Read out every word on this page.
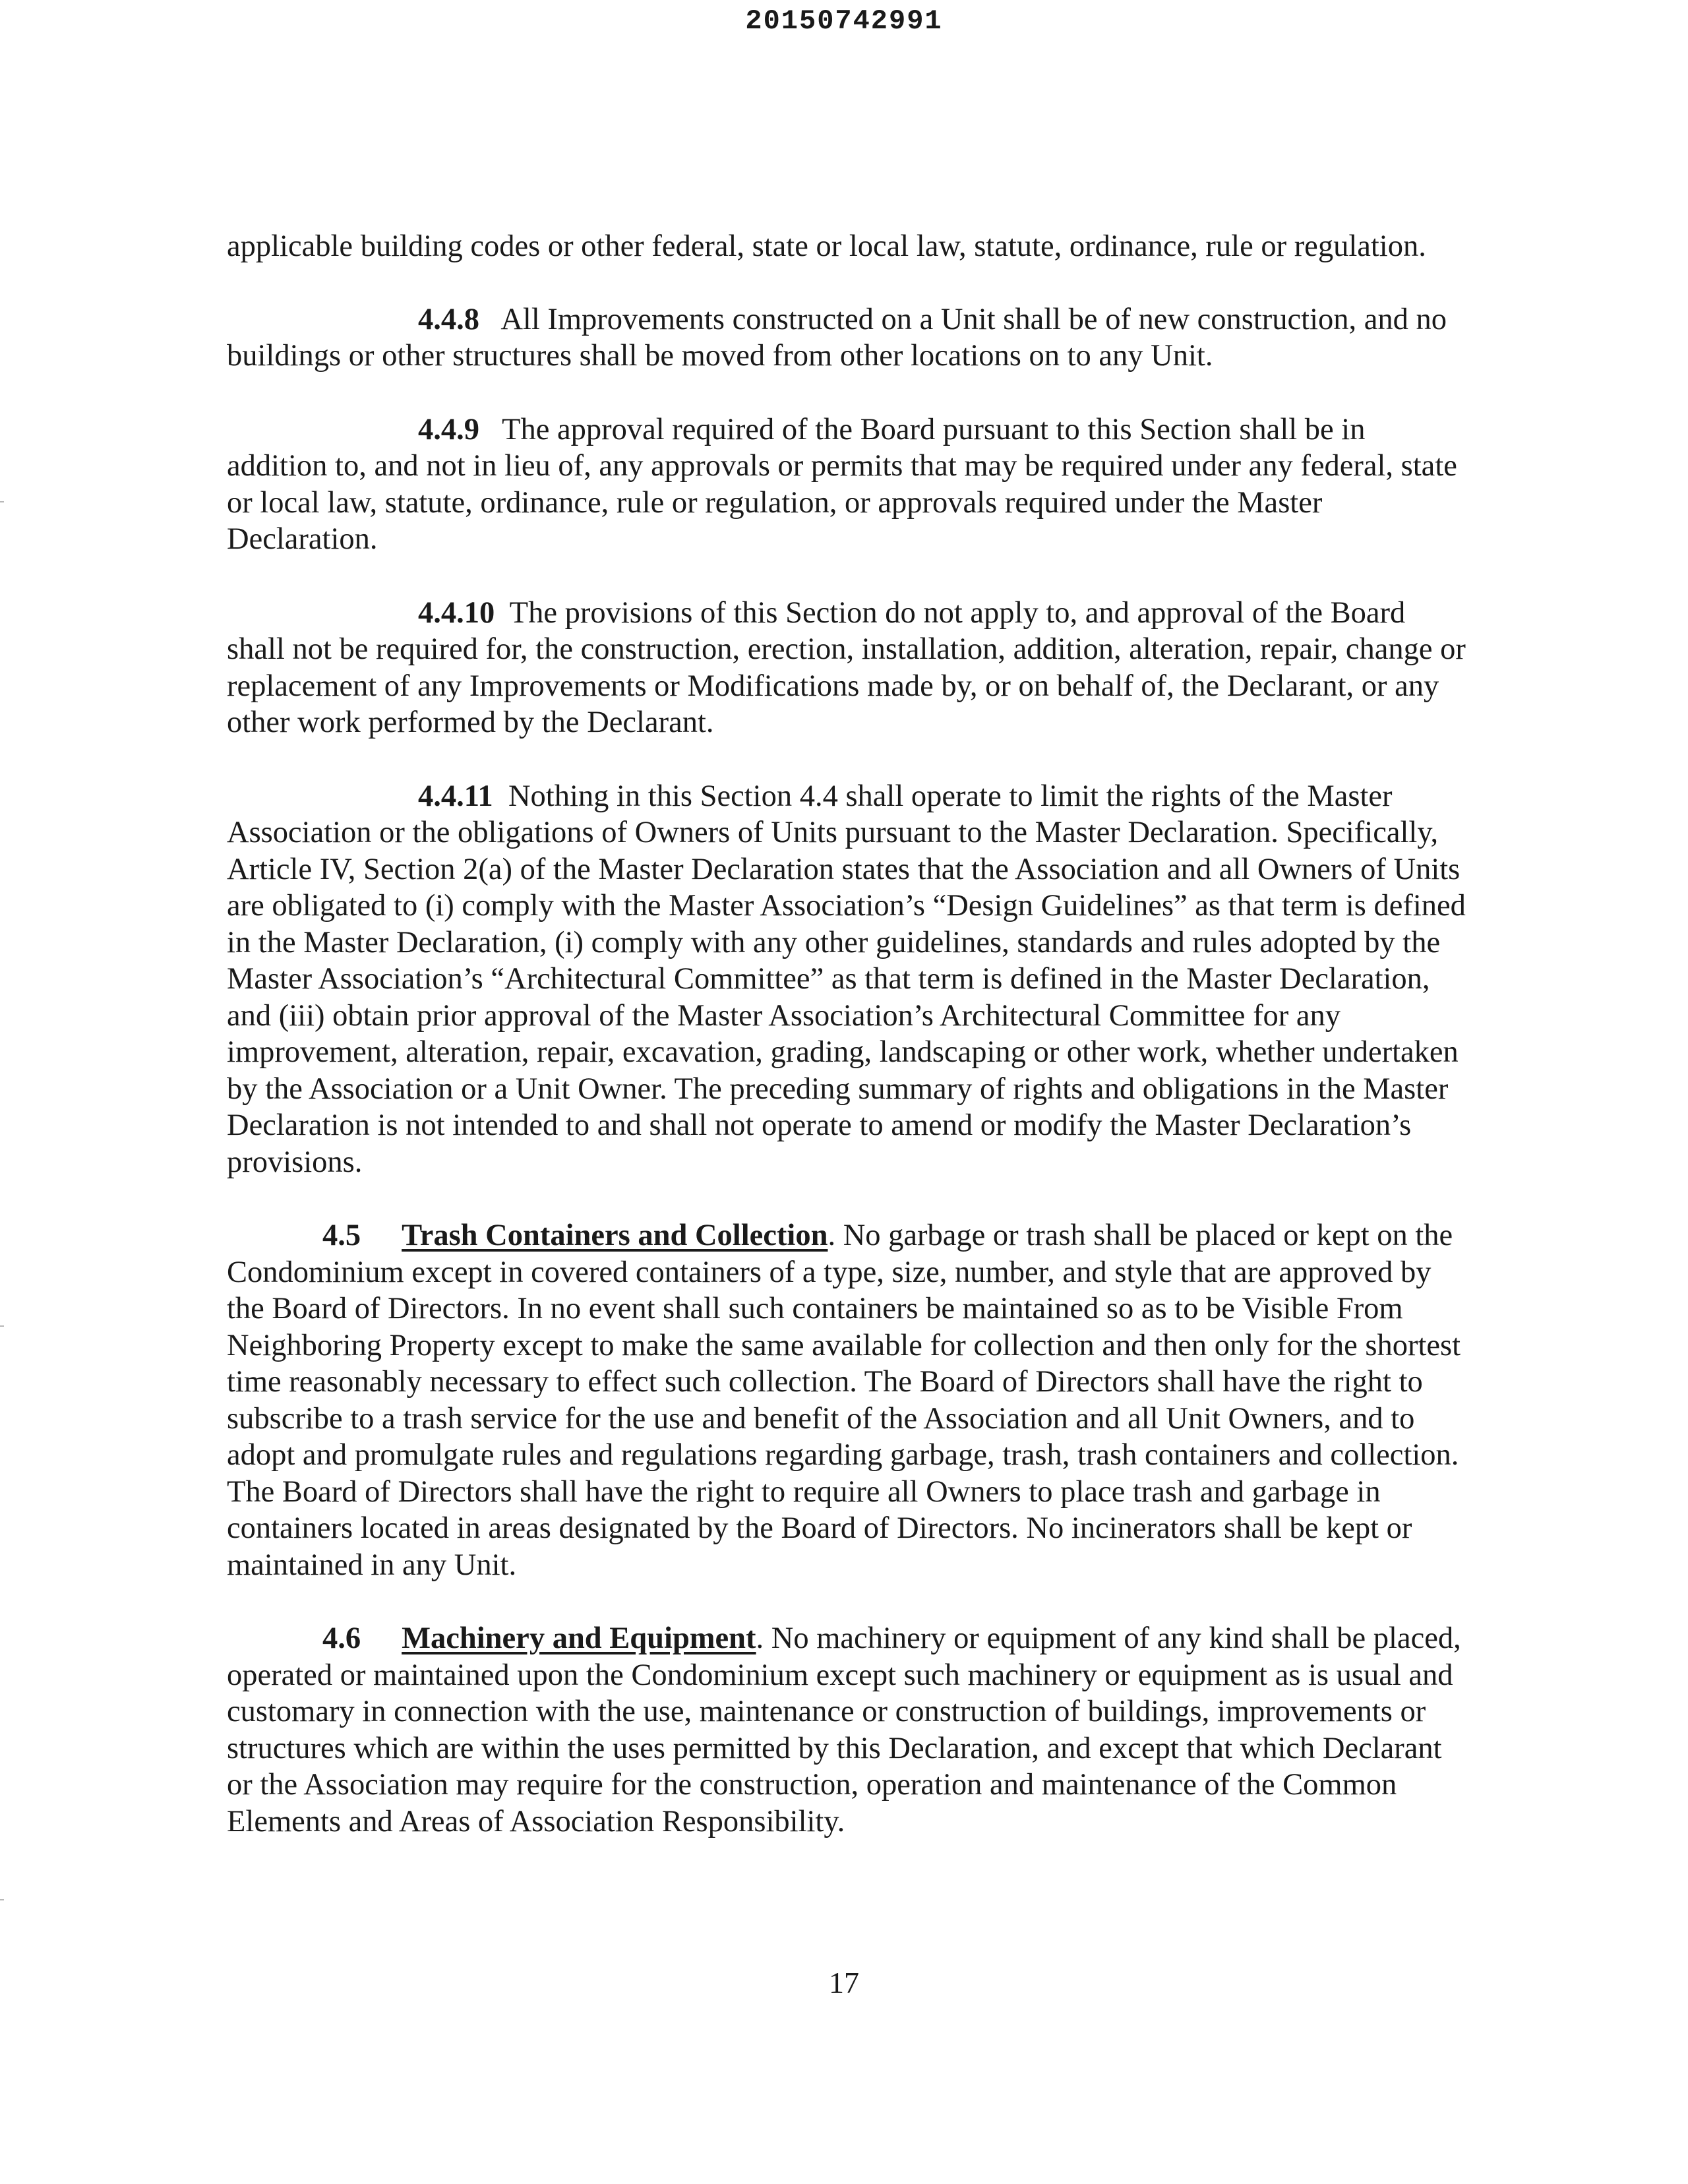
20150742991

applicable building codes or other federal, state or local law, statute, ordinance, rule or regulation.

4.4.8 All Improvements constructed on a Unit shall be of new construction, and no buildings or other structures shall be moved from other locations on to any Unit.

4.4.9 The approval required of the Board pursuant to this Section shall be in addition to, and not in lieu of, any approvals or permits that may be required under any federal, state or local law, statute, ordinance, rule or regulation, or approvals required under the Master Declaration.

4.4.10 The provisions of this Section do not apply to, and approval of the Board shall not be required for, the construction, erection, installation, addition, alteration, repair, change or replacement of any Improvements or Modifications made by, or on behalf of, the Declarant, or any other work performed by the Declarant.

4.4.11 Nothing in this Section 4.4 shall operate to limit the rights of the Master Association or the obligations of Owners of Units pursuant to the Master Declaration. Specifically, Article IV, Section 2(a) of the Master Declaration states that the Association and all Owners of Units are obligated to (i) comply with the Master Association’s “Design Guidelines” as that term is defined in the Master Declaration, (i) comply with any other guidelines, standards and rules adopted by the Master Association’s “Architectural Committee” as that term is defined in the Master Declaration, and (iii) obtain prior approval of the Master Association’s Architectural Committee for any improvement, alteration, repair, excavation, grading, landscaping or other work, whether undertaken by the Association or a Unit Owner. The preceding summary of rights and obligations in the Master Declaration is not intended to and shall not operate to amend or modify the Master Declaration’s provisions.

4.5 Trash Containers and Collection. No garbage or trash shall be placed or kept on the Condominium except in covered containers of a type, size, number, and style that are approved by the Board of Directors. In no event shall such containers be maintained so as to be Visible From Neighboring Property except to make the same available for collection and then only for the shortest time reasonably necessary to effect such collection. The Board of Directors shall have the right to subscribe to a trash service for the use and benefit of the Association and all Unit Owners, and to adopt and promulgate rules and regulations regarding garbage, trash, trash containers and collection. The Board of Directors shall have the right to require all Owners to place trash and garbage in containers located in areas designated by the Board of Directors. No incinerators shall be kept or maintained in any Unit.

4.6 Machinery and Equipment. No machinery or equipment of any kind shall be placed, operated or maintained upon the Condominium except such machinery or equipment as is usual and customary in connection with the use, maintenance or construction of buildings, improvements or structures which are within the uses permitted by this Declaration, and except that which Declarant or the Association may require for the construction, operation and maintenance of the Common Elements and Areas of Association Responsibility.

17
